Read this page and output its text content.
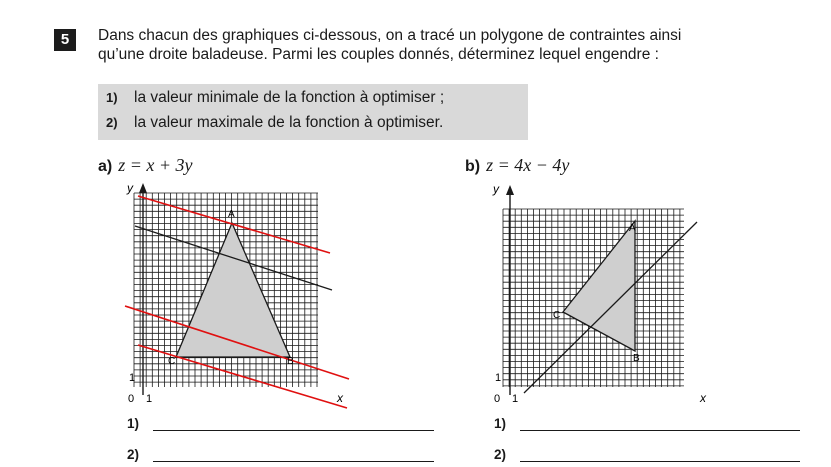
5	Dans chacun des graphiques ci-dessous, on a tracé un polygone de contraintes ainsi
qu’une droite baladeuse. Parmi les couples donnés, déterminez lequel engendre :
1) la valeur minimale de la fonction à optimiser ;
2) la valeur maximale de la fonction à optimiser.
a) z = x + 3y	b) z = 4x − 4y
A
B
C
y
x
0 1
1
A
B
C
y
x
0 1
1
1)
2)
1)
2)
